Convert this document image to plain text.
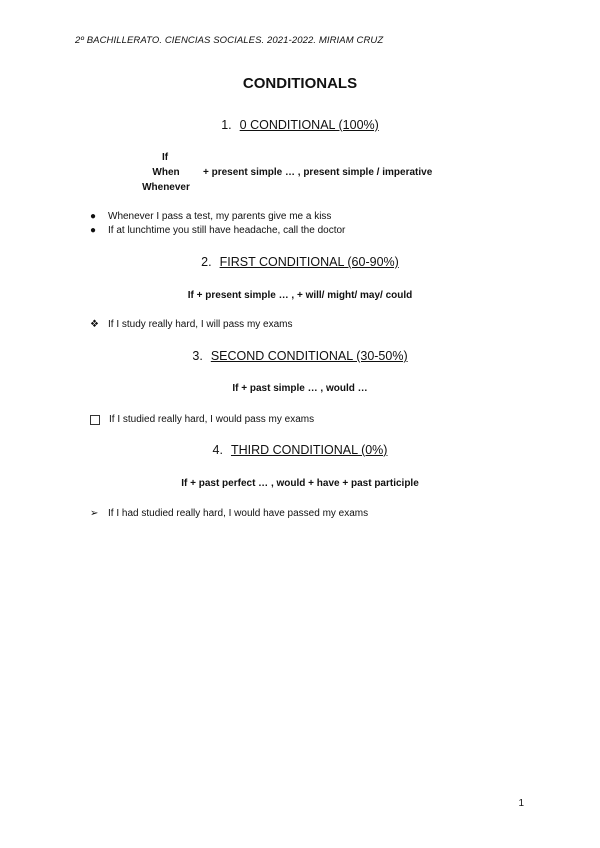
2º BACHILLERATO. CIENCIAS SOCIALES. 2021-2022. MIRIAM CRUZ
CONDITIONALS
1. 0 CONDITIONAL (100%)
If
When
Whenever
+ present simple … , present simple / imperative
●	Whenever I pass a test, my parents give me a kiss
●	If at lunchtime you still have headache, call the doctor
2. FIRST CONDITIONAL (60-90%)
If + present simple … , + will/ might/ may/ could
❖ If I study really hard, I will pass my exams
3. SECOND CONDITIONAL (30-50%)
If + past simple … , would …
If I studied really hard, I would pass my exams
4. THIRD CONDITIONAL (0%)
If + past perfect … , would + have + past participle
➢ If I had studied really hard, I would have passed my exams
1
